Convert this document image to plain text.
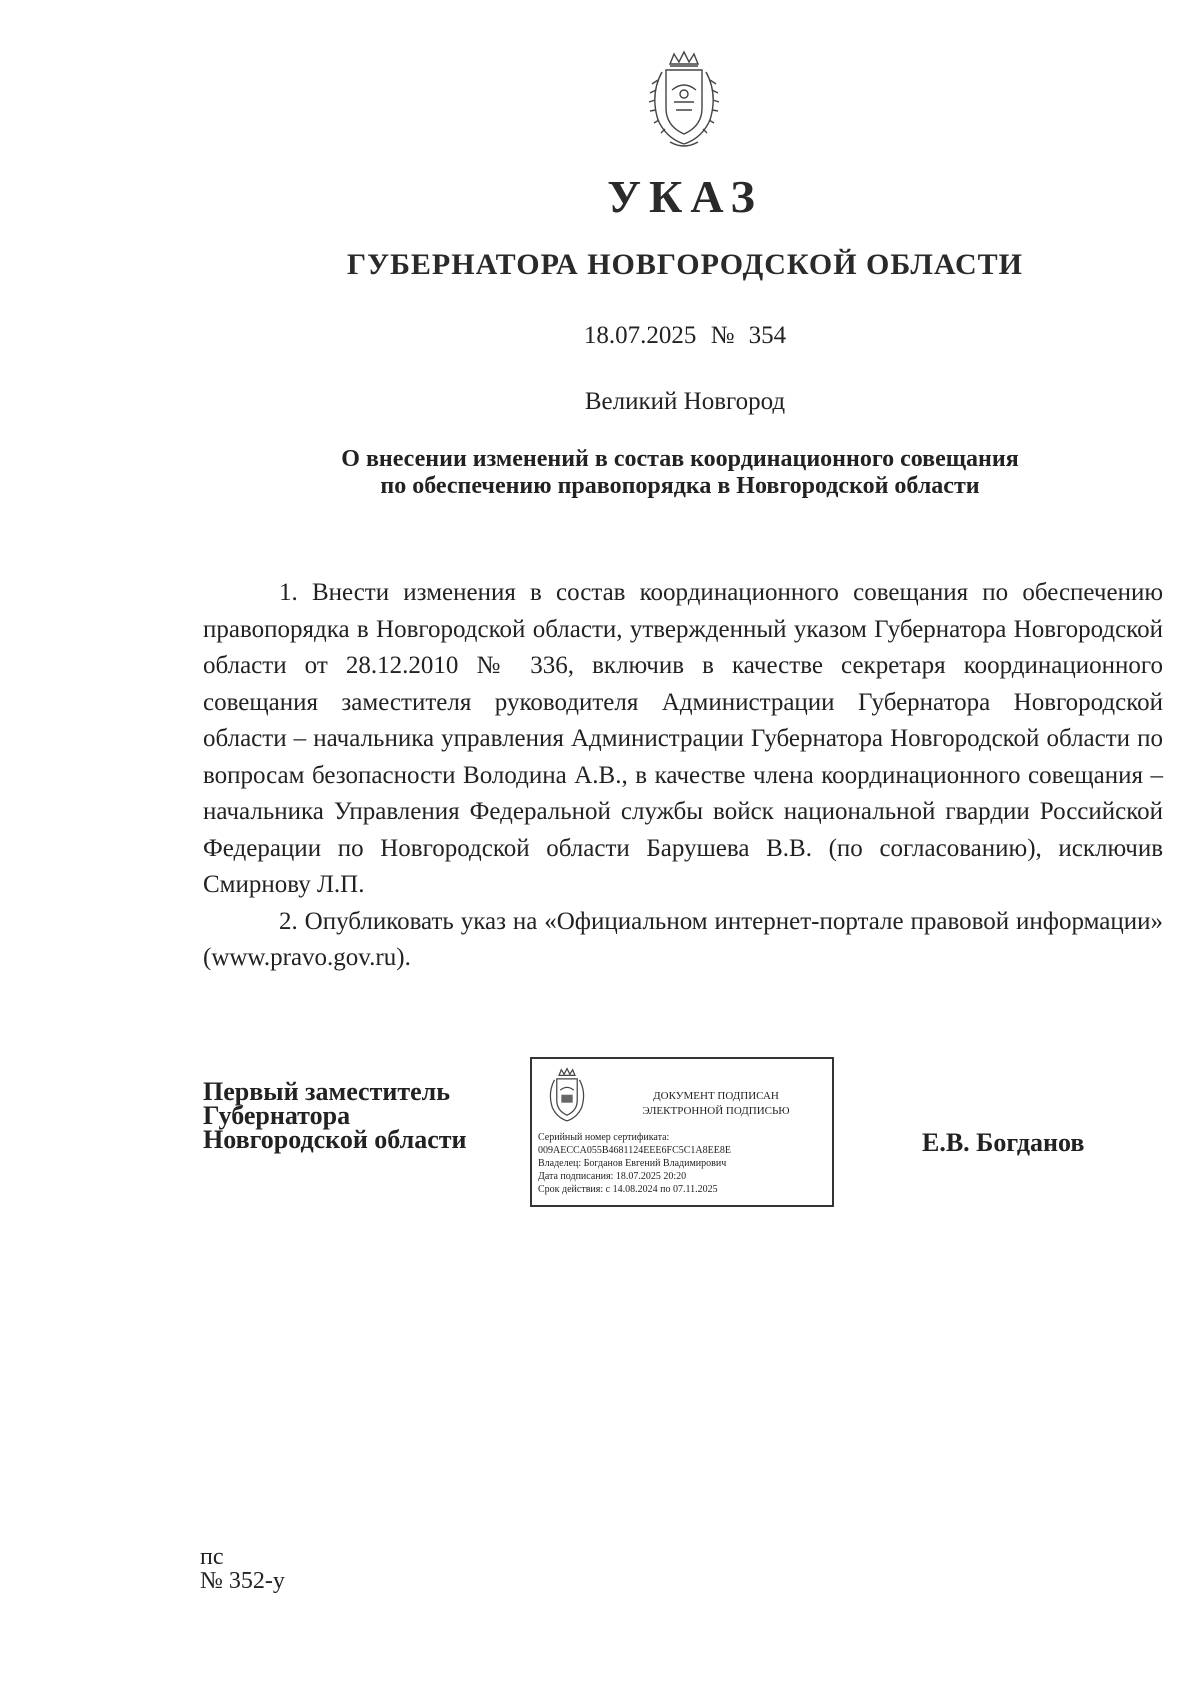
УКАЗ
ГУБЕРНАТОРА НОВГОРОДСКОЙ ОБЛАСТИ
18.07.2025 № 354
Великий Новгород
О внесении изменений в состав координационного совещания
по обеспечению правопорядка в Новгородской области

1. Внести изменения в состав координационного совещания по обеспечению правопорядка в Новгородской области, утвержденный указом Губернатора Новгородской области от 28.12.2010 № 336, включив в качестве секретаря координационного совещания заместителя руководителя Администрации Губернатора Новгородской области – начальника управления Администрации Губернатора Новгородской области по вопросам безопасности Володина А.В., в качестве члена координационного совещания – начальника Управления Федеральной службы войск национальной гвардии Российской Федерации по Новгородской области Барушева В.В. (по согласованию), исключив Смирнову Л.П.

2. Опубликовать указ на «Официальном интернет-портале правовой информации» (www.pravo.gov.ru).

Первый заместитель
Губернатора
Новгородской области
ДОКУМЕНТ ПОДПИСАН
ЭЛЕКТРОННОЙ ПОДПИСЬЮ
Серийный номер сертификата:
009AECCA055B4681124EEE6FC5C1A8EE8E
Владелец: Богданов Евгений Владимирович
Дата подписания: 18.07.2025 20:20
Срок действия: с 14.08.2024 по 07.11.2025
Е.В. Богданов
пс
№ 352-у
